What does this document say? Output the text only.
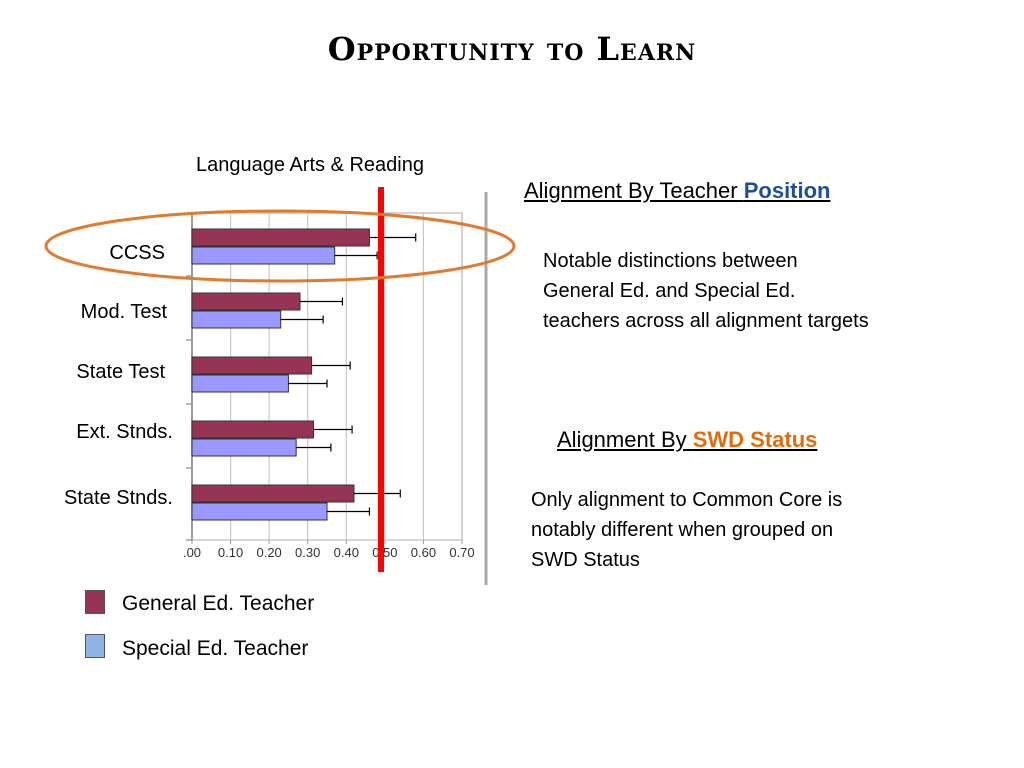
Opportunity to Learn
Language Arts & Reading
CCSS
Mod. Test
State Test
Ext. Stnds.
State Stnds.
.00 0.10 0.20 0.30 0.40 0.50 0.60 0.70
General Ed. Teacher
Special Ed. Teacher
Alignment By Teacher Position
Notable distinctions between
General Ed. and Special Ed.
teachers across all alignment targets
Alignment By SWD Status
Only alignment to Common Core is
notably different when grouped on
SWD Status
